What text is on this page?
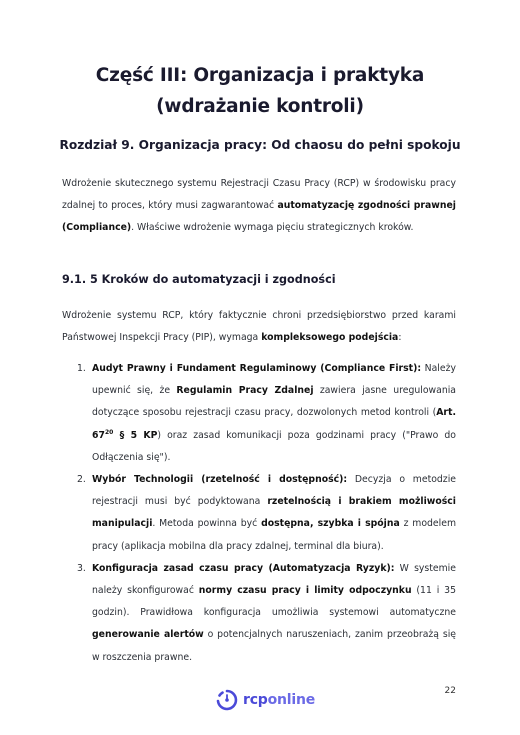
Część III: Organizacja i praktyka (wdrażanie kontroli)
Rozdział 9. Organizacja pracy: Od chaosu do pełni spokoju
Wdrożenie skutecznego systemu Rejestracji Czasu Pracy (RCP) w środowisku pracy zdalnej to proces, który musi zagwarantować automatyzację zgodności prawnej (Compliance). Właściwe wdrożenie wymaga pięciu strategicznych kroków.
9.1. 5 Kroków do automatyzacji i zgodności
Wdrożenie systemu RCP, który faktycznie chroni przedsiębiorstwo przed karami Państwowej Inspekcji Pracy (PIP), wymaga kompleksowego podejścia:
1. Audyt Prawny i Fundament Regulaminowy (Compliance First): Należy upewnić się, że Regulamin Pracy Zdalnej zawiera jasne uregulowania dotyczące sposobu rejestracji czasu pracy, dozwolonych metod kontroli (Art. $67^{20}$ § 5 KP) oraz zasad komunikacji poza godzinami pracy ("Prawo do Odłączenia się").
2. Wybór Technologii (rzetelność i dostępność): Decyzja o metodzie rejestracji musi być podyktowana rzetelnością i brakiem możliwości manipulacji. Metoda powinna być dostępna, szybka i spójna z modelem pracy (aplikacja mobilna dla pracy zdalnej, terminal dla biura).
3. Konfiguracja zasad czasu pracy (Automatyzacja Ryzyk): W systemie należy skonfigurować normy czasu pracy i limity odpoczynku (11 i 35 godzin). Prawidłowa konfiguracja umożliwia systemowi automatyczne generowanie alertów o potencjalnych naruszeniach, zanim przeobrażą się w roszczenia prawne.
rcponline
22
